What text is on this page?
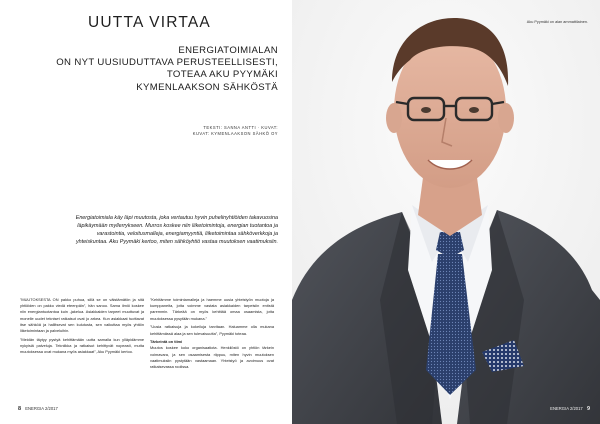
UUTTA VIRTAA
ENERGIATOIMIALAN
ON NYT UUSIUDUTTAVA PERUSTEELLISESTI,
TOTEAA AKU PYYMÄKI
KYMENLAAKSON SÄHKÖSTÄ
TEKSTI: SANNA ANTTI · KUVAT:
KUVAT: KYMENLAAKSON SÄHKÖ OY
Energiatoimiala käy läpi muutosta, joka vertautuu hyvin puhelinyhtiöiden takavuosina
läpikäymään myllerrykseen. Murros koskee niin liiketoimintoja, energian tuotantoa ja
varastointia, veloitusmalleja, energiamyyntiä, liiketoimintaa sähköverkkoja ja
yhteiskuntaa. Aku Pyymäki kertoo, miten sähköyhtiö vastaa muutoksen vaatimuksiin.

"MUUTOKSESTA ON pakko puhua, sillä se on väistämätön ja sitä yhtiöiden on pakko viedä eteenpäin", hän sanoo. Sama ilmiö koskee niin energiantuotantoa kuin -jakelua. Asiakkaiden tarpeet muuttuvat ja monelle uudet tekniset ratkaisut ovat jo arkea. Kun asiakkaat tuottavat itse sähköä ja hallitsevat sen kulutusta, sen vaikuttaa myös yhtiön liiketoimintaan ja palveluihin.

"Meidän täytyy pystyä kehittämään uutta samalla kun ylläpidämme nykyisiä palveluja. Tekniikka ja ratkaisut kehittyvät nopeasti, mutta muutoksessa ovat mukana myös asiakkaat", Aku Pyymäki kertoo.

"Kehitämme toimintamalleja ja haemme uusia yhteistyön muotoja ja kumppaneita, jotta voimme vastata asiakkaiden tarpeisiin entistä paremmin. Tärkeää on myös kehittää omaa osaamista, jotta muutoksessa pysytään mukana."

"Uusia ratkaisuja ja kokeiluja tarvitaan. Haluamme olla mukana kehittämässä alaa ja sen tulevaisuutta", Pyymäki toteaa.

Tärkeintä on tiimi

Muutos koskee koko organisaatiota. Henkilöstö on yhtiön tärkein voimavara, ja sen osaamisesta riippuu, miten hyvin muutoksen vaatimuksiin pystytään vastaamaan. Yhteistyö ja avoimuus ovat ratkaisevassa roolissa.

8 ENERGIA 2/2017
Aku Pyymäki on alan ammattilainen.
ENERGIA 2/2017 9
